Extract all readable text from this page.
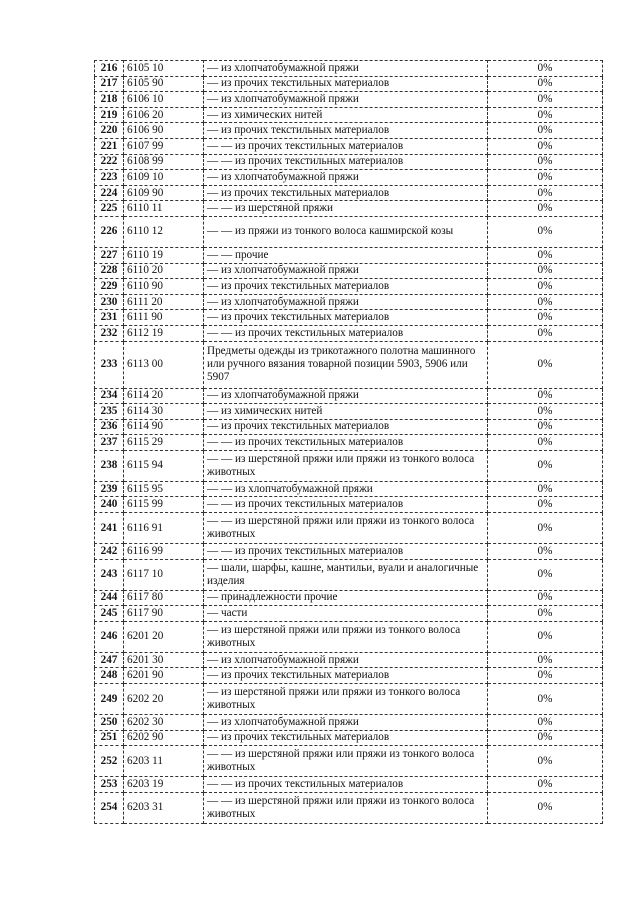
216	6105 10	— из хлопчатобумажной пряжи	0%
217	6105 90	— из прочих текстильных материалов	0%
218	6106 10	— из хлопчатобумажной пряжи	0%
219	6106 20	— из химических нитей	0%
220	6106 90	— из прочих текстильных материалов	0%
221	6107 99	— — из прочих текстильных материалов	0%
222	6108 99	— — из прочих текстильных материалов	0%
223	6109 10	— из хлопчатобумажной пряжи	0%
224	6109 90	— из прочих текстильных материалов	0%
225	6110 11	— — из шерстяной пряжи	0%
226	6110 12	— — из пряжи из тонкого волоса кашмирской козы	0%
227	6110 19	— — прочие	0%
228	6110 20	— из хлопчатобумажной пряжи	0%
229	6110 90	— из прочих текстильных материалов	0%
230	6111 20	— из хлопчатобумажной пряжи	0%
231	6111 90	— из прочих текстильных материалов	0%
232	6112 19	— — из прочих текстильных материалов	0%
233	6113 00	Предметы одежды из трикотажного полотна машинного или ручного вязания товарной позиции 5903, 5906 или 5907	0%
234	6114 20	— из хлопчатобумажной пряжи	0%
235	6114 30	— из химических нитей	0%
236	6114 90	— из прочих текстильных материалов	0%
237	6115 29	— — из прочих текстильных материалов	0%
238	6115 94	— — из шерстяной пряжи или пряжи из тонкого волоса животных	0%
239	6115 95	— — из хлопчатобумажной пряжи	0%
240	6115 99	— — из прочих текстильных материалов	0%
241	6116 91	— — из шерстяной пряжи или пряжи из тонкого волоса животных	0%
242	6116 99	— — из прочих текстильных материалов	0%
243	6117 10	— шали, шарфы, кашне, мантильи, вуали и аналогичные изделия	0%
244	6117 80	— принадлежности прочие	0%
245	6117 90	— части	0%
246	6201 20	— из шерстяной пряжи или пряжи из тонкого волоса животных	0%
247	6201 30	— из хлопчатобумажной пряжи	0%
248	6201 90	— из прочих текстильных материалов	0%
249	6202 20	— из шерстяной пряжи или пряжи из тонкого волоса животных	0%
250	6202 30	— из хлопчатобумажной пряжи	0%
251	6202 90	— из прочих текстильных материалов	0%
252	6203 11	— — из шерстяной пряжи или пряжи из тонкого волоса животных	0%
253	6203 19	— — из прочих текстильных материалов	0%
254	6203 31	— — из шерстяной пряжи или пряжи из тонкого волоса животных	0%
